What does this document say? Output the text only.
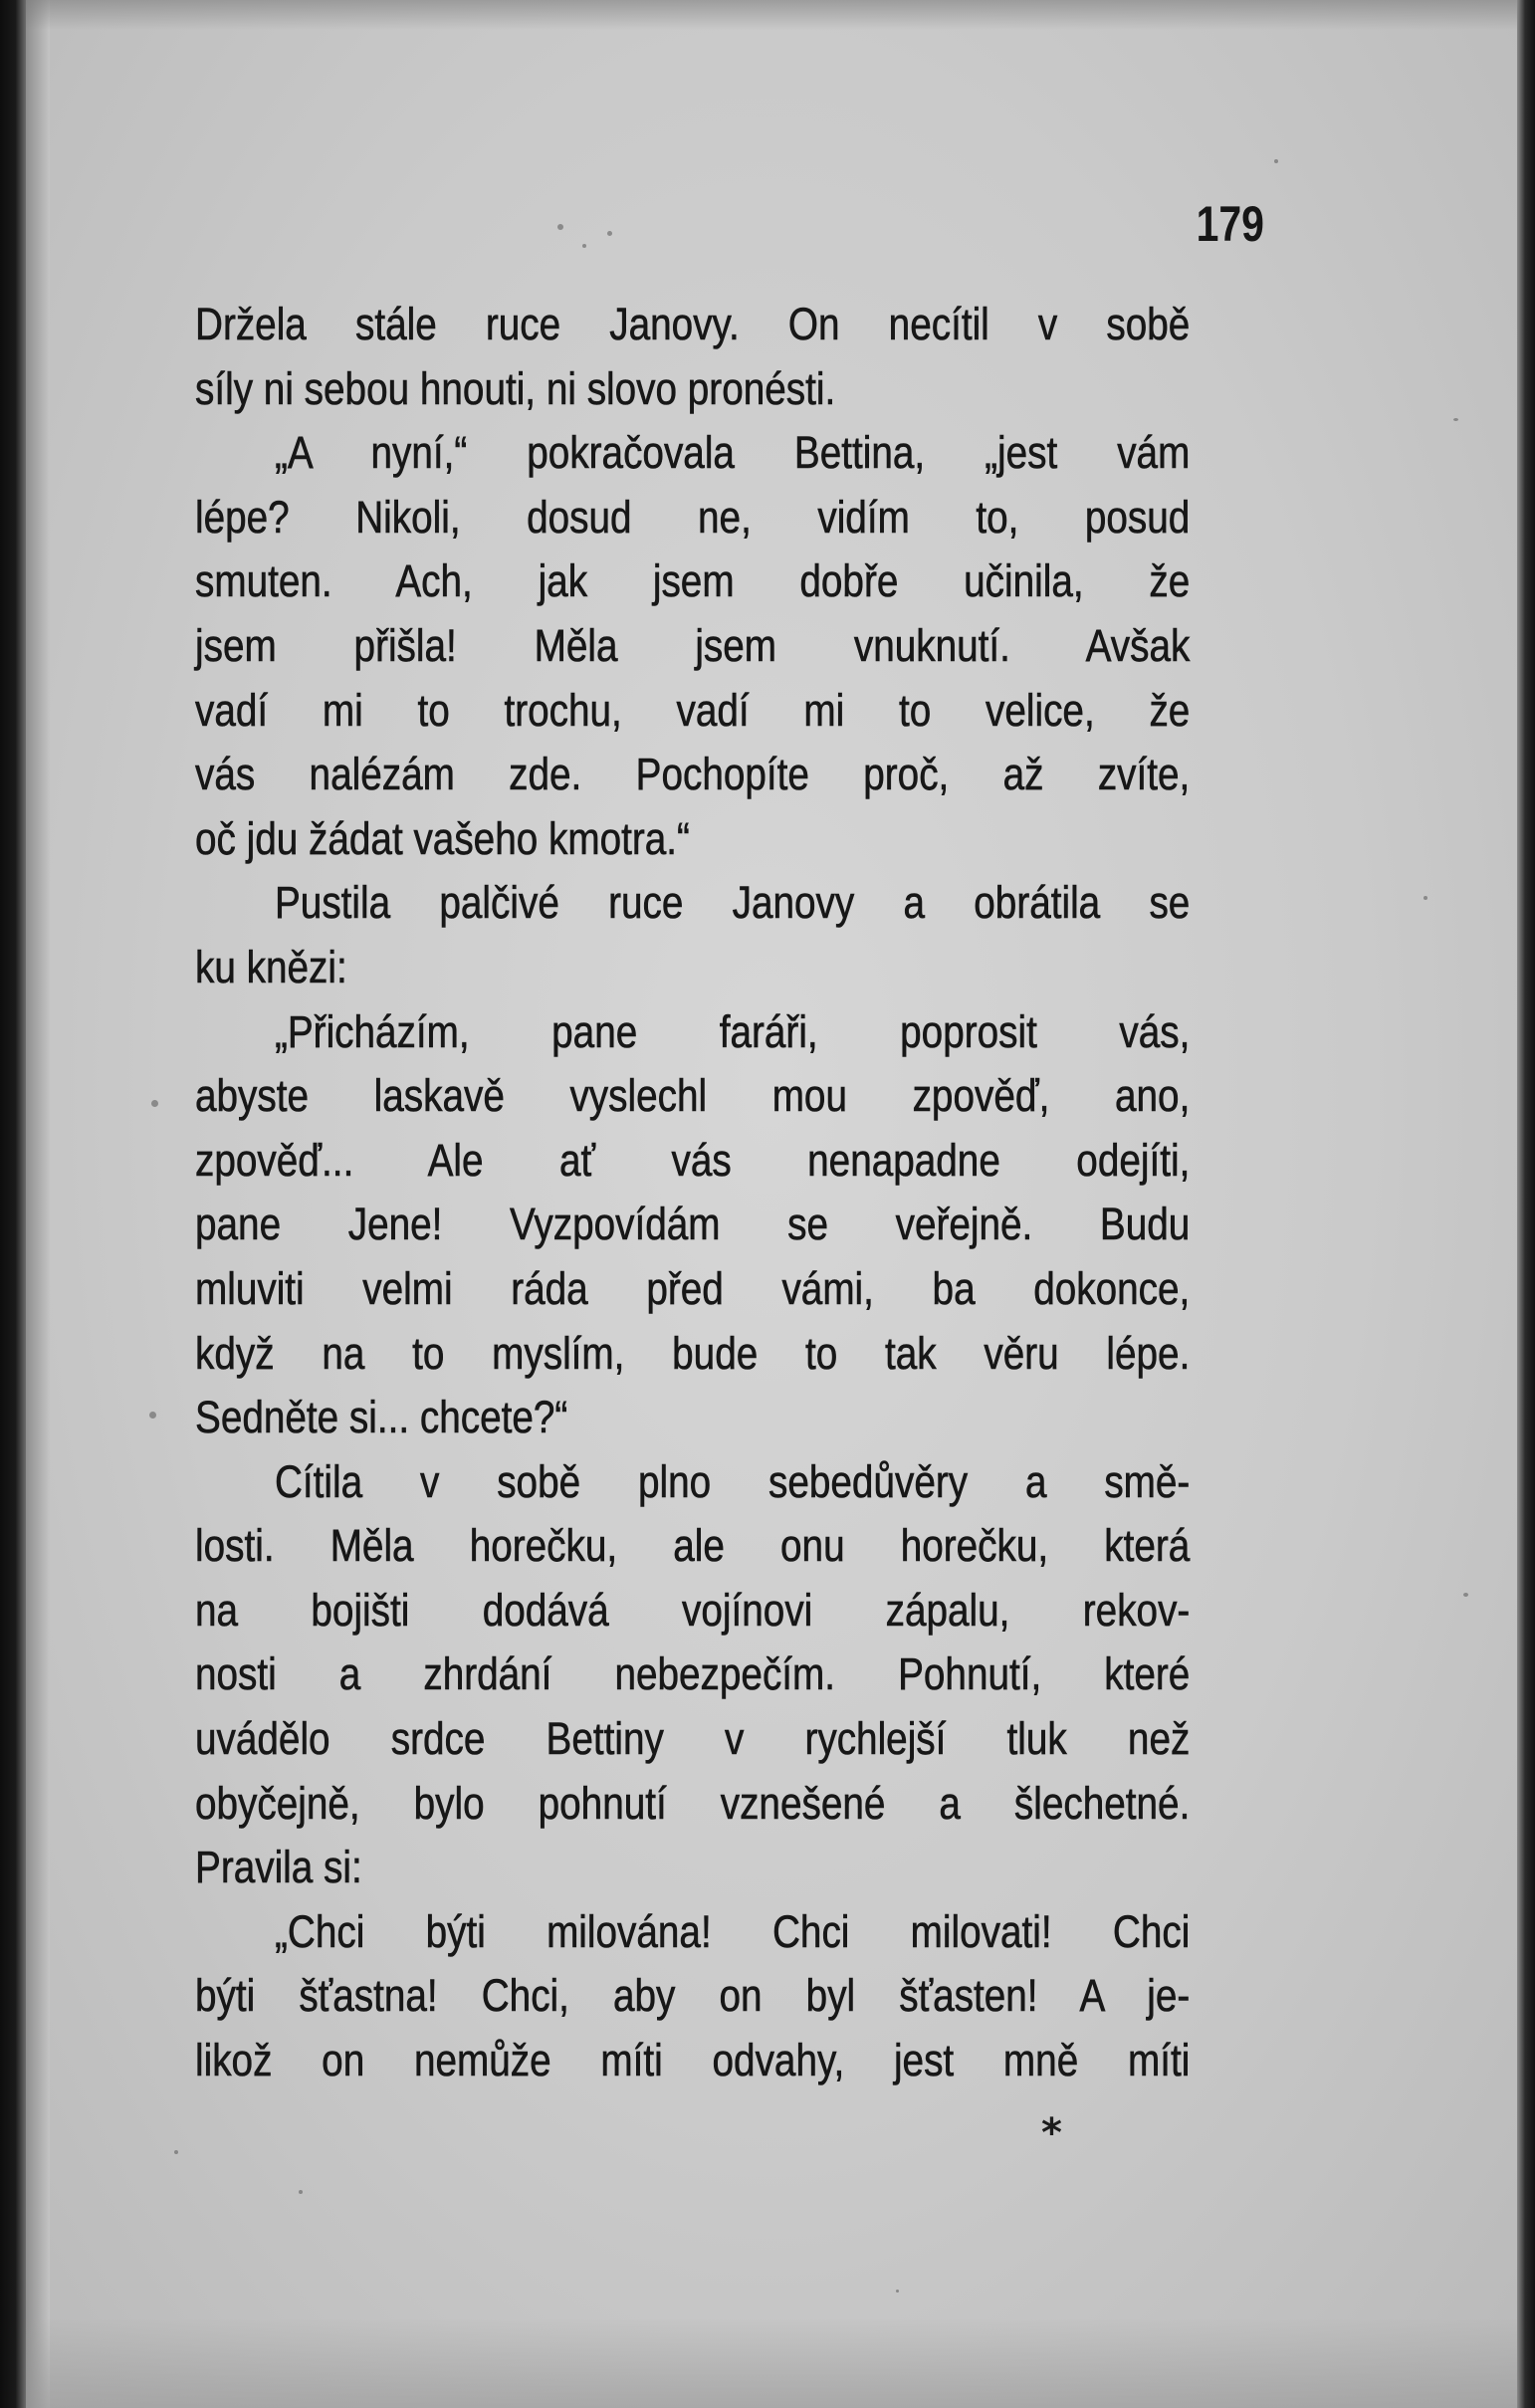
179
Držela stále ruce Janovy. On necítil v sobě
síly ni sebou hnouti, ni slovo pronésti.
„A nyní,“ pokračovala Bettina, „jest vám
lépe? Nikoli, dosud ne, vidím to, posud
smuten. Ach, jak jsem dobře učinila, že
jsem přišla! Měla jsem vnuknutí. Avšak
vadí mi to trochu, vadí mi to velice, že
vás nalézám zde. Pochopíte proč, až zvíte,
oč jdu žádat vašeho kmotra.“
Pustila palčivé ruce Janovy a obrátila se
ku knězi:
„Přicházím, pane faráři, poprosit vás,
abyste laskavě vyslechl mou zpověď, ano,
zpověď... Ale ať vás nenapadne odejíti,
pane Jene! Vyzpovídám se veřejně. Budu
mluviti velmi ráda před vámi, ba dokonce,
když na to myslím, bude to tak věru lépe.
Sedněte si... chcete?“
Cítila v sobě plno sebedůvěry a smě-
losti. Měla horečku, ale onu horečku, která
na bojišti dodává vojínovi zápalu, rekov-
nosti a zhrdání nebezpečím. Pohnutí, které
uvádělo srdce Bettiny v rychlejší tluk než
obyčejně, bylo pohnutí vznešené a šlechetné.
Pravila si:
„Chci býti milována! Chci milovati! Chci
býti šťastna! Chci, aby on byl šťasten! A je-
likož on nemůže míti odvahy, jest mně míti
*
